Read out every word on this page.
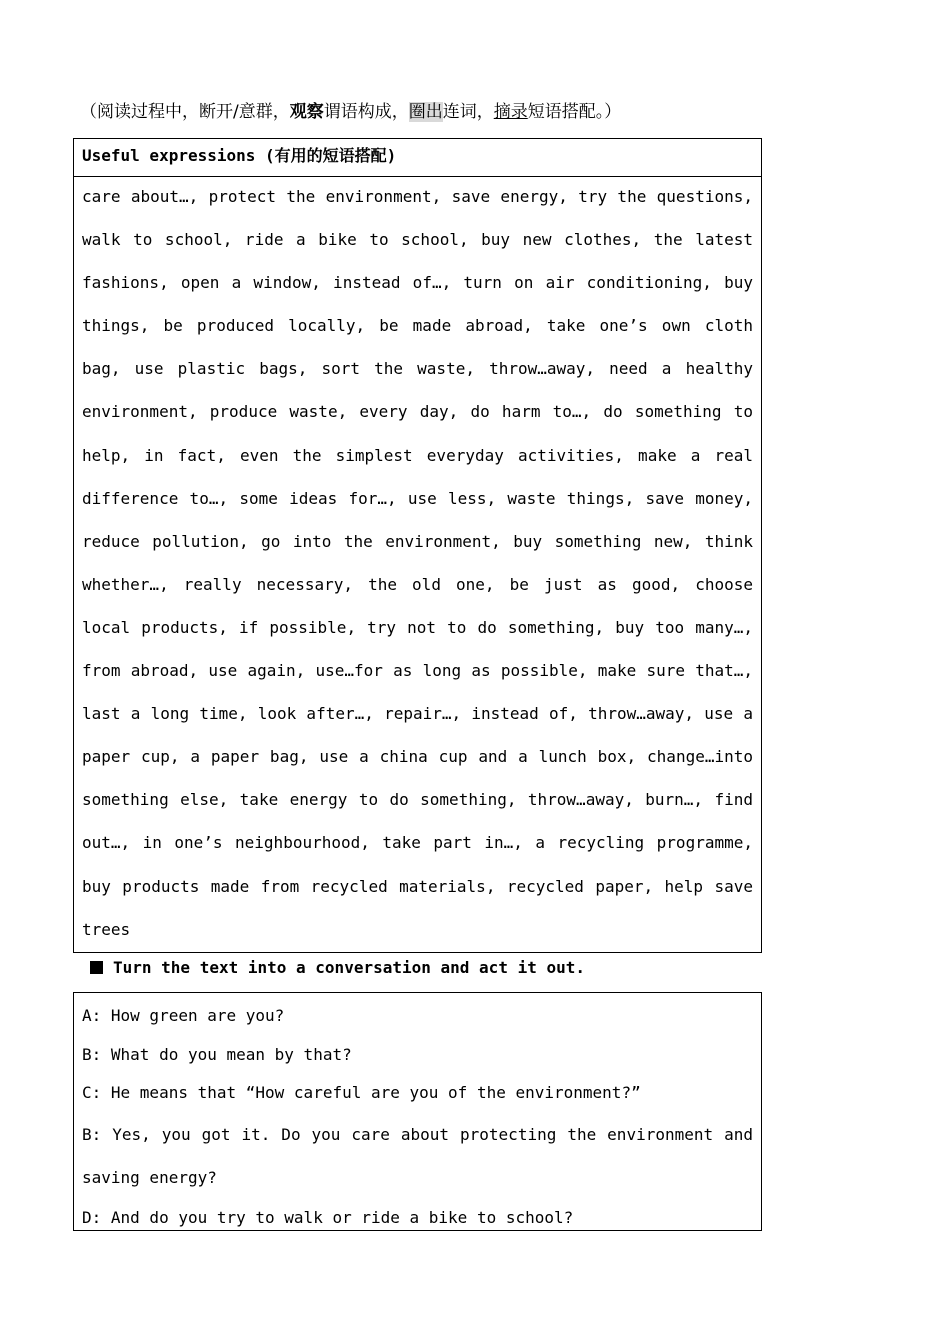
（阅读过程中，断开/意群，观察谓语构成，圈出连词，摘录短语搭配。）
Useful expressions (有用的短语搭配)
care about…, protect the environment, save energy, try the questions, walk to school, ride a bike to school, buy new clothes, the latest fashions, open a window, instead of…, turn on air conditioning, buy things, be produced locally, be made abroad, take one’s own cloth bag, use plastic bags, sort the waste, throw…away, need a healthy environment, produce waste, every day, do harm to…, do something to help, in fact, even the simplest everyday activities, make a real difference to…, some ideas for…, use less, waste things, save money, reduce pollution, go into the environment, buy something new, think whether…, really necessary, the old one, be just as good, choose local products, if possible, try not to do something, buy too many…, from abroad, use again, use…for as long as possible, make sure that…, last a long time, look after…, repair…, instead of, throw…away, use a paper cup, a paper bag, use a china cup and a lunch box, change…into something else, take energy to do something, throw…away, burn…, find out…, in one’s neighbourhood, take part in…, a recycling programme, buy products made from recycled materials, recycled paper, help save trees
Turn the text into a conversation and act it out.
A: How green are you?
B: What do you mean by that?
C: He means that “How careful are you of the environment?”
B: Yes, you got it. Do you care about protecting the environment and saving energy?
D: And do you try to walk or ride a bike to school?
